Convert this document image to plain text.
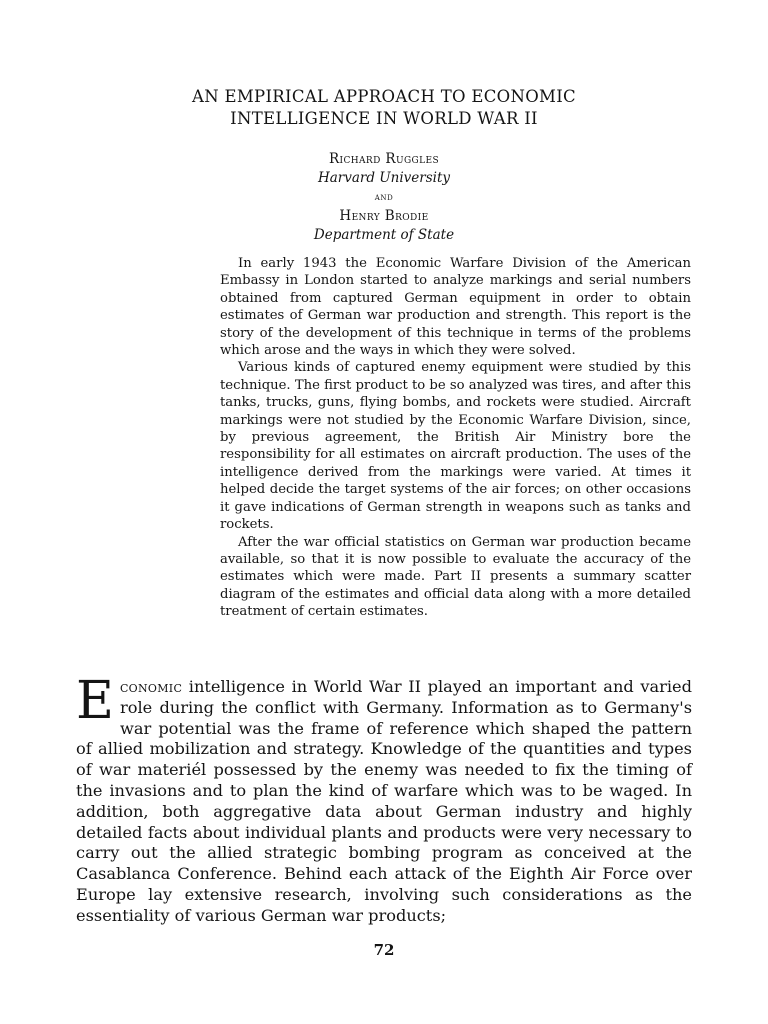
AN EMPIRICAL APPROACH TO ECONOMIC
INTELLIGENCE IN WORLD WAR II
Richard Ruggles
Harvard University
and
Henry Brodie
Department of State

In early 1943 the Economic Warfare Division of the American Embassy in London started to analyze markings and serial numbers obtained from captured German equipment in order to obtain estimates of German war production and strength. This report is the story of the development of this technique in terms of the problems which arose and the ways in which they were solved.

Various kinds of captured enemy equipment were studied by this technique. The first product to be so analyzed was tires, and after this tanks, trucks, guns, flying bombs, and rockets were studied. Aircraft markings were not studied by the Economic Warfare Division, since, by previous agreement, the British Air Ministry bore the responsibility for all estimates on aircraft production. The uses of the intelligence derived from the markings were varied. At times it helped decide the target systems of the air forces; on other occasions it gave indications of German strength in weapons such as tanks and rockets.

After the war official statistics on German war production became available, so that it is now possible to evaluate the accuracy of the estimates which were made. Part II presents a summary scatter diagram of the estimates and official data along with a more detailed treatment of certain estimates.

Economic intelligence in World War II played an important and varied role during the conflict with Germany. Information as to Germany's war potential was the frame of reference which shaped the pattern of allied mobilization and strategy. Knowledge of the quantities and types of war materiél possessed by the enemy was needed to fix the timing of the invasions and to plan the kind of warfare which was to be waged. In addition, both aggregative data about German industry and highly detailed facts about individual plants and products were very necessary to carry out the allied strategic bombing program as conceived at the Casablanca Conference. Behind each attack of the Eighth Air Force over Europe lay extensive research, involving such considerations as the essentiality of various German war products;

72
